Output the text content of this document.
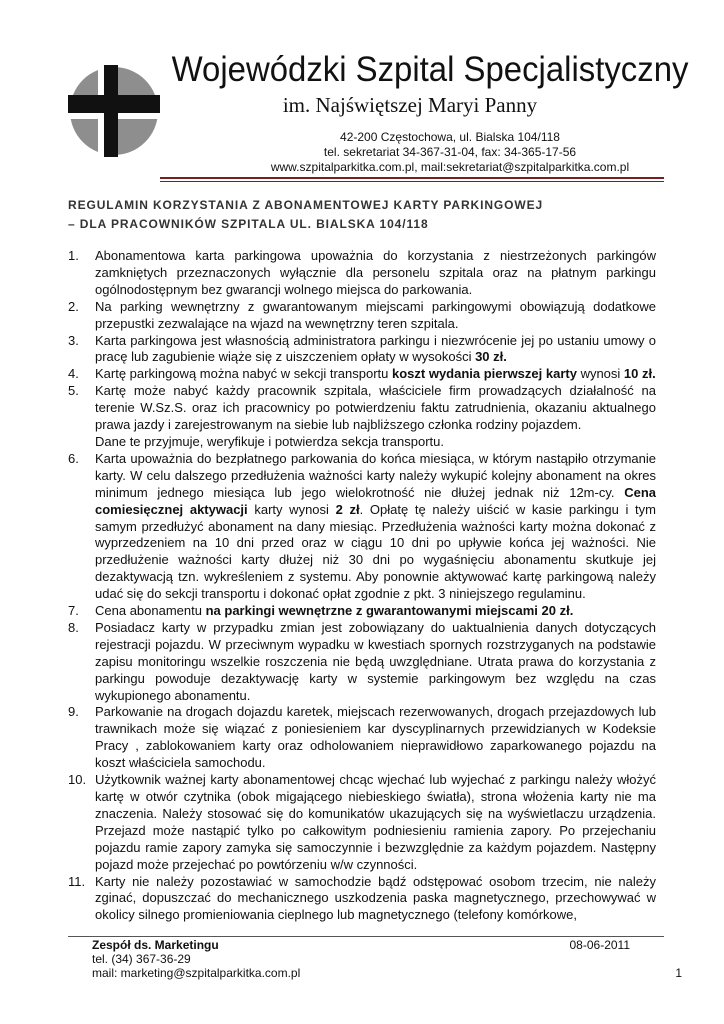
Wojewódzki Szpital Specjalistyczny
im. Najświętszej Maryi Panny
42-200 Częstochowa, ul. Bialska 104/118
tel. sekretariat 34-367-31-04, fax: 34-365-17-56
www.szpitalparkitka.com.pl, mail:sekretariat@szpitalparkitka.com.pl
REGULAMIN KORZYSTANIA Z ABONAMENTOWEJ KARTY PARKINGOWEJ
– DLA PRACOWNIKÓW SZPITALA UL. BIALSKA 104/118
1. Abonamentowa karta parkingowa upoważnia do korzystania z niestrzeżonych parkingów zamkniętych przeznaczonych wyłącznie dla personelu szpitala oraz na płatnym parkingu ogólnodostępnym bez gwarancji wolnego miejsca do parkowania.
2. Na parking wewnętrzny z gwarantowanym miejscami parkingowymi obowiązują dodatkowe przepustki zezwalające na wjazd na wewnętrzny teren szpitala.
3. Karta parkingowa jest własnością administratora parkingu i niezwrócenie jej po ustaniu umowy o pracę lub zagubienie wiąże się z uiszczeniem opłaty w wysokości 30 zł.
4. Kartę parkingową można nabyć w sekcji transportu koszt wydania pierwszej karty wynosi 10 zł.
5. Kartę może nabyć każdy pracownik szpitala, właściciele firm prowadzących działalność na terenie W.Sz.S. oraz ich pracownicy po potwierdzeniu faktu zatrudnienia, okazaniu aktualnego prawa jazdy i zarejestrowanym na siebie lub najbliższego członka rodziny pojazdem.
Dane te przyjmuje, weryfikuje i potwierdza sekcja transportu.
6. Karta upoważnia do bezpłatnego parkowania do końca miesiąca, w którym nastąpiło otrzymanie karty. W celu dalszego przedłużenia ważności karty należy wykupić kolejny abonament na okres minimum jednego miesiąca lub jego wielokrotność nie dłużej jednak niż 12m-cy. Cena comiesięcznej aktywacji karty wynosi 2 zł. Opłatę tę należy uiścić w kasie parkingu i tym samym przedłużyć abonament na dany miesiąc. Przedłużenia ważności karty można dokonać z wyprzedzeniem na 10 dni przed oraz w ciągu 10 dni po upływie końca jej ważności. Nie przedłużenie ważności karty dłużej niż 30 dni po wygaśnięciu abonamentu skutkuje jej dezaktywacją tzn. wykreśleniem z systemu. Aby ponownie aktywować kartę parkingową należy udać się do sekcji transportu i dokonać opłat zgodnie z pkt. 3 niniejszego regulaminu.
7. Cena abonamentu na parkingi wewnętrzne z gwarantowanymi miejscami 20 zł.
8. Posiadacz karty w przypadku zmian jest zobowiązany do uaktualnienia danych dotyczących rejestracji pojazdu. W przeciwnym wypadku w kwestiach spornych rozstrzyganych na podstawie zapisu monitoringu wszelkie roszczenia nie będą uwzględniane. Utrata prawa do korzystania z parkingu powoduje dezaktywację karty w systemie parkingowym bez względu na czas wykupionego abonamentu.
9. Parkowanie na drogach dojazdu karetek, miejscach rezerwowanych, drogach przejazdowych lub trawnikach może się wiązać z poniesieniem kar dyscyplinarnych przewidzianych w Kodeksie Pracy , zablokowaniem karty oraz odholowaniem nieprawidłowo zaparkowanego pojazdu na koszt właściciela samochodu.
10. Użytkownik ważnej karty abonamentowej chcąc wjechać lub wyjechać z parkingu należy włożyć kartę w otwór czytnika (obok migającego niebieskiego światła), strona włożenia karty nie ma znaczenia. Należy stosować się do komunikatów ukazujących się na wyświetlaczu urządzenia. Przejazd może nastąpić tylko po całkowitym podniesieniu ramienia zapory. Po przejechaniu pojazdu ramie zapory zamyka się samoczynnie i bezwzględnie za każdym pojazdem. Następny pojazd może przejechać po powtórzeniu w/w czynności.
11. Karty nie należy pozostawiać w samochodzie bądź odstępować osobom trzecim, nie należy zginać, dopuszczać do mechanicznego uszkodzenia paska magnetycznego, przechowywać w okolicy silnego promieniowania cieplnego lub magnetycznego (telefony komórkowe,
Zespół ds. Marketingu	08-06-2011
tel. (34) 367-36-29
mail: marketing@szpitalparkitka.com.pl	1
